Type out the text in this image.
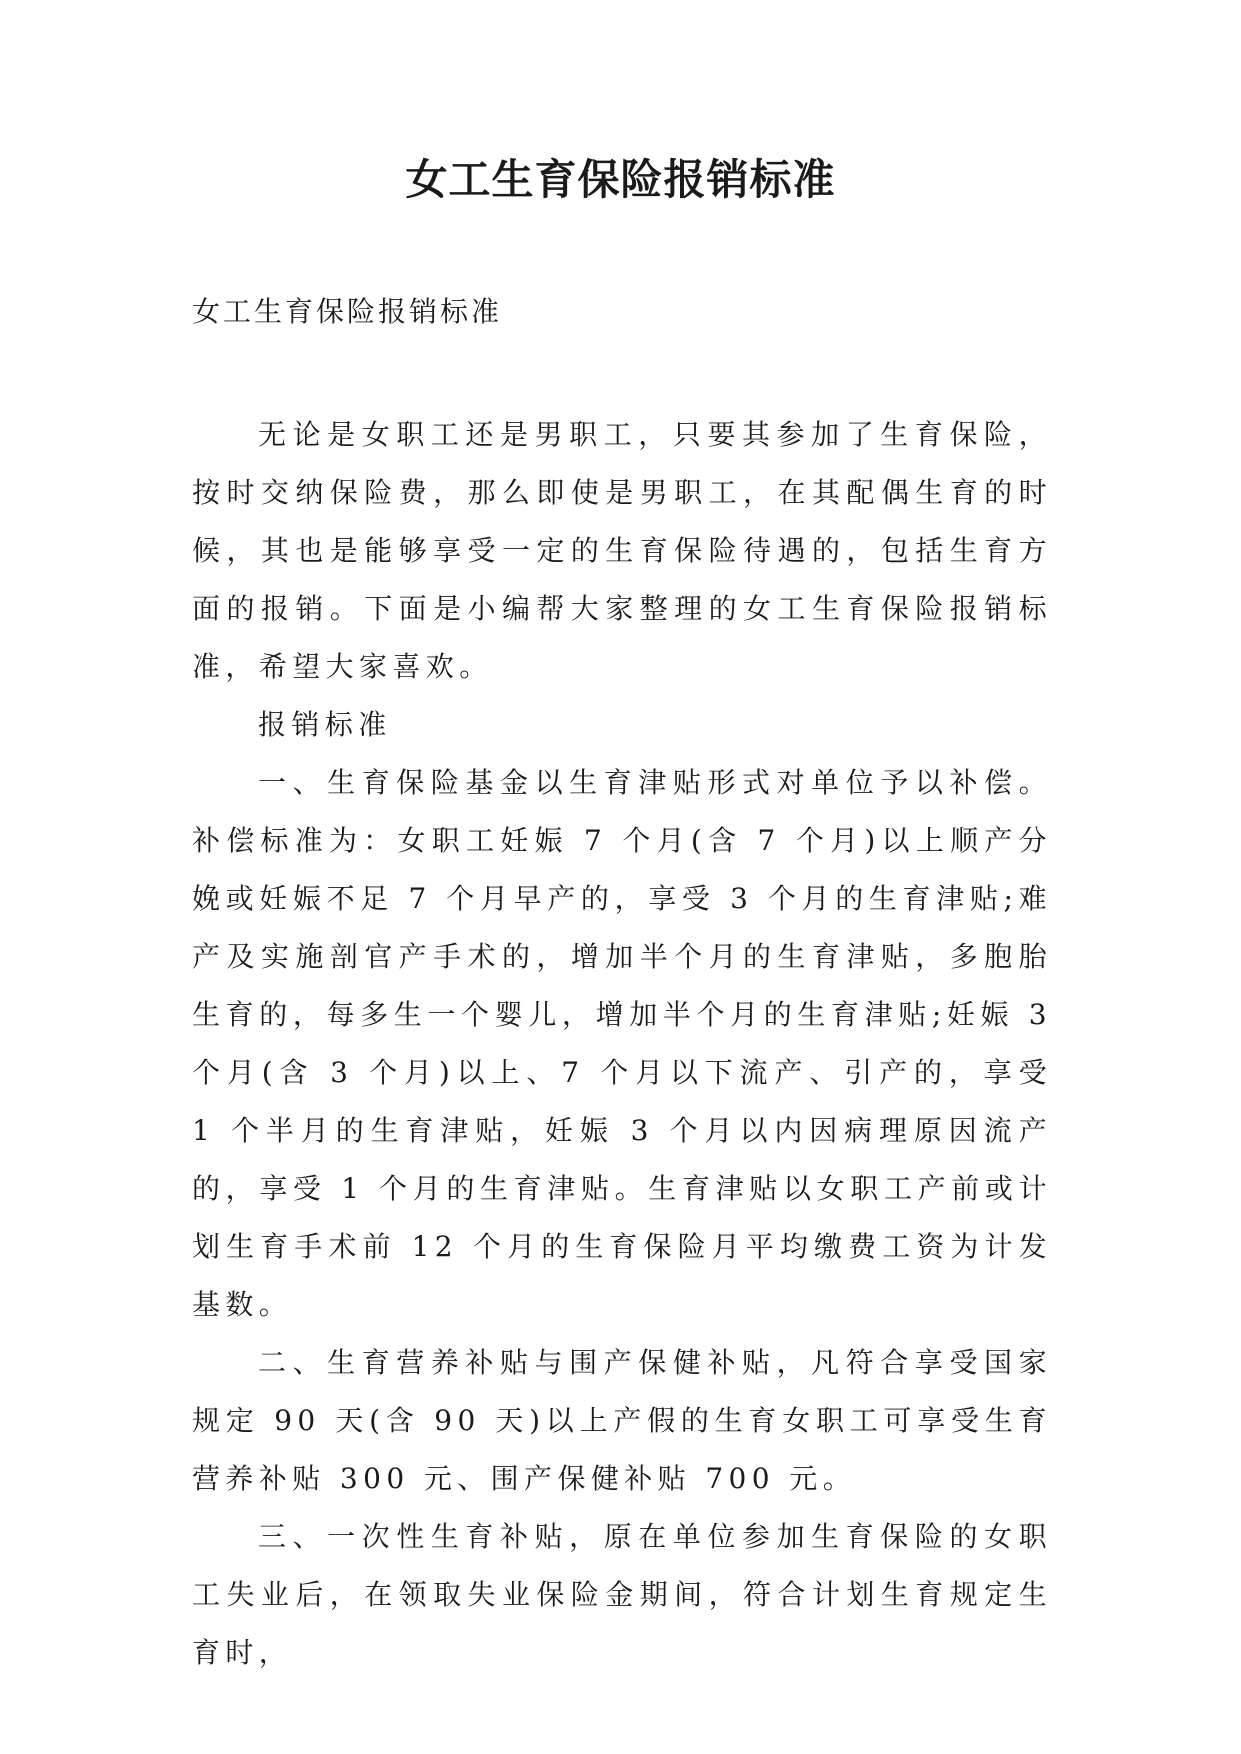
女工生育保险报销标准

女工生育保险报销标准

无论是女职工还是男职工，只要其参加了生育保险，按时交纳保险费，那么即使是男职工，在其配偶生育的时候，其也是能够享受一定的生育保险待遇的，包括生育方面的报销。下面是小编帮大家整理的女工生育保险报销标准，希望大家喜欢。

报销标准

一、生育保险基金以生育津贴形式对单位予以补偿。补偿标准为：女职工妊娠 7 个月(含 7 个月)以上顺产分娩或妊娠不足 7 个月早产的，享受 3 个月的生育津贴;难产及实施剖官产手术的，增加半个月的生育津贴，多胞胎生育的，每多生一个婴儿，增加半个月的生育津贴;妊娠 3 个月(含 3 个月)以上、7 个月以下流产、引产的，享受 1 个半月的生育津贴，妊娠 3 个月以内因病理原因流产的，享受 1 个月的生育津贴。生育津贴以女职工产前或计划生育手术前 12 个月的生育保险月平均缴费工资为计发基数。

二、生育营养补贴与围产保健补贴，凡符合享受国家规定 90 天(含 90 天)以上产假的生育女职工可享受生育营养补贴 300 元、围产保健补贴 700 元。

三、一次性生育补贴，原在单位参加生育保险的女职工失业后，在领取失业保险金期间，符合计划生育规定生育时，
